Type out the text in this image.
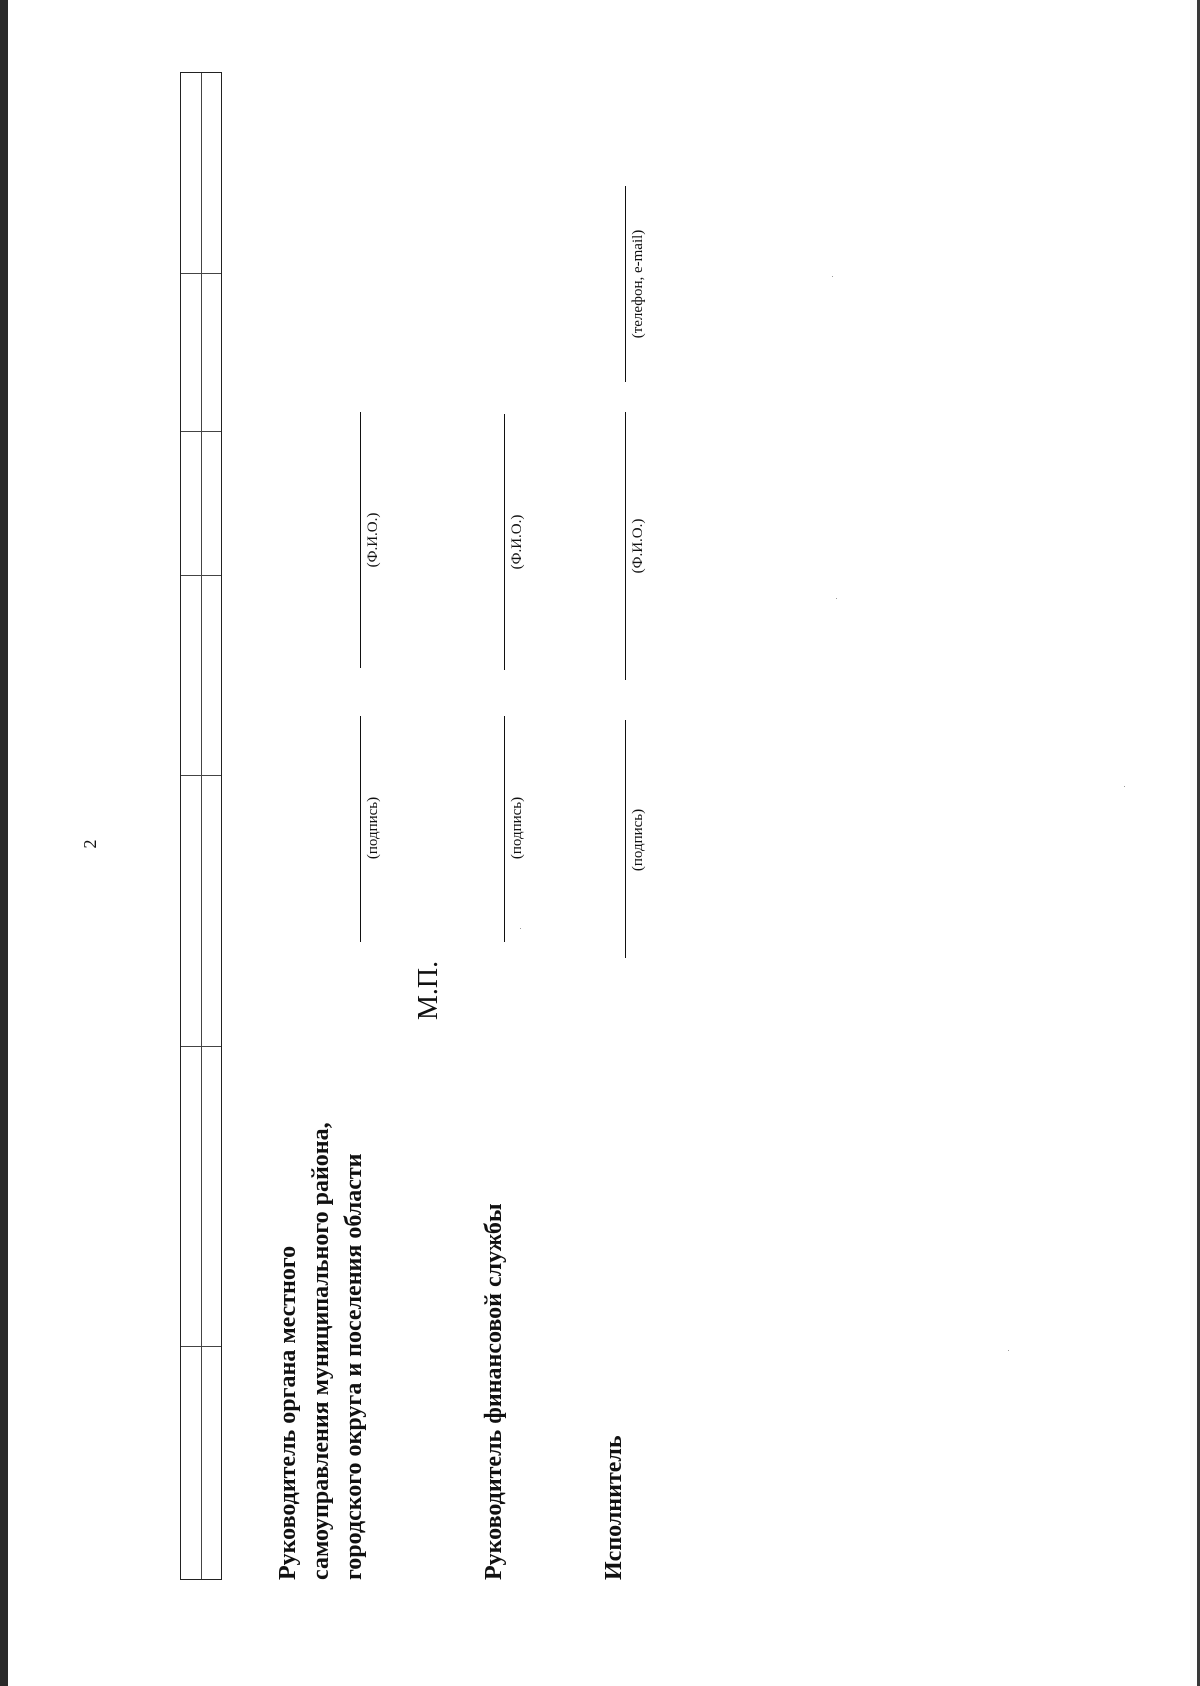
2
Руководитель органа местного самоуправления муниципального района, городского округа и поселения области
(подпись)
(Ф.И.О.)
М.П.
Руководитель финансовой службы
(подпись)
(Ф.И.О.)
Исполнитель
(подпись)
(Ф.И.О.)
(телефон, e-mail)
